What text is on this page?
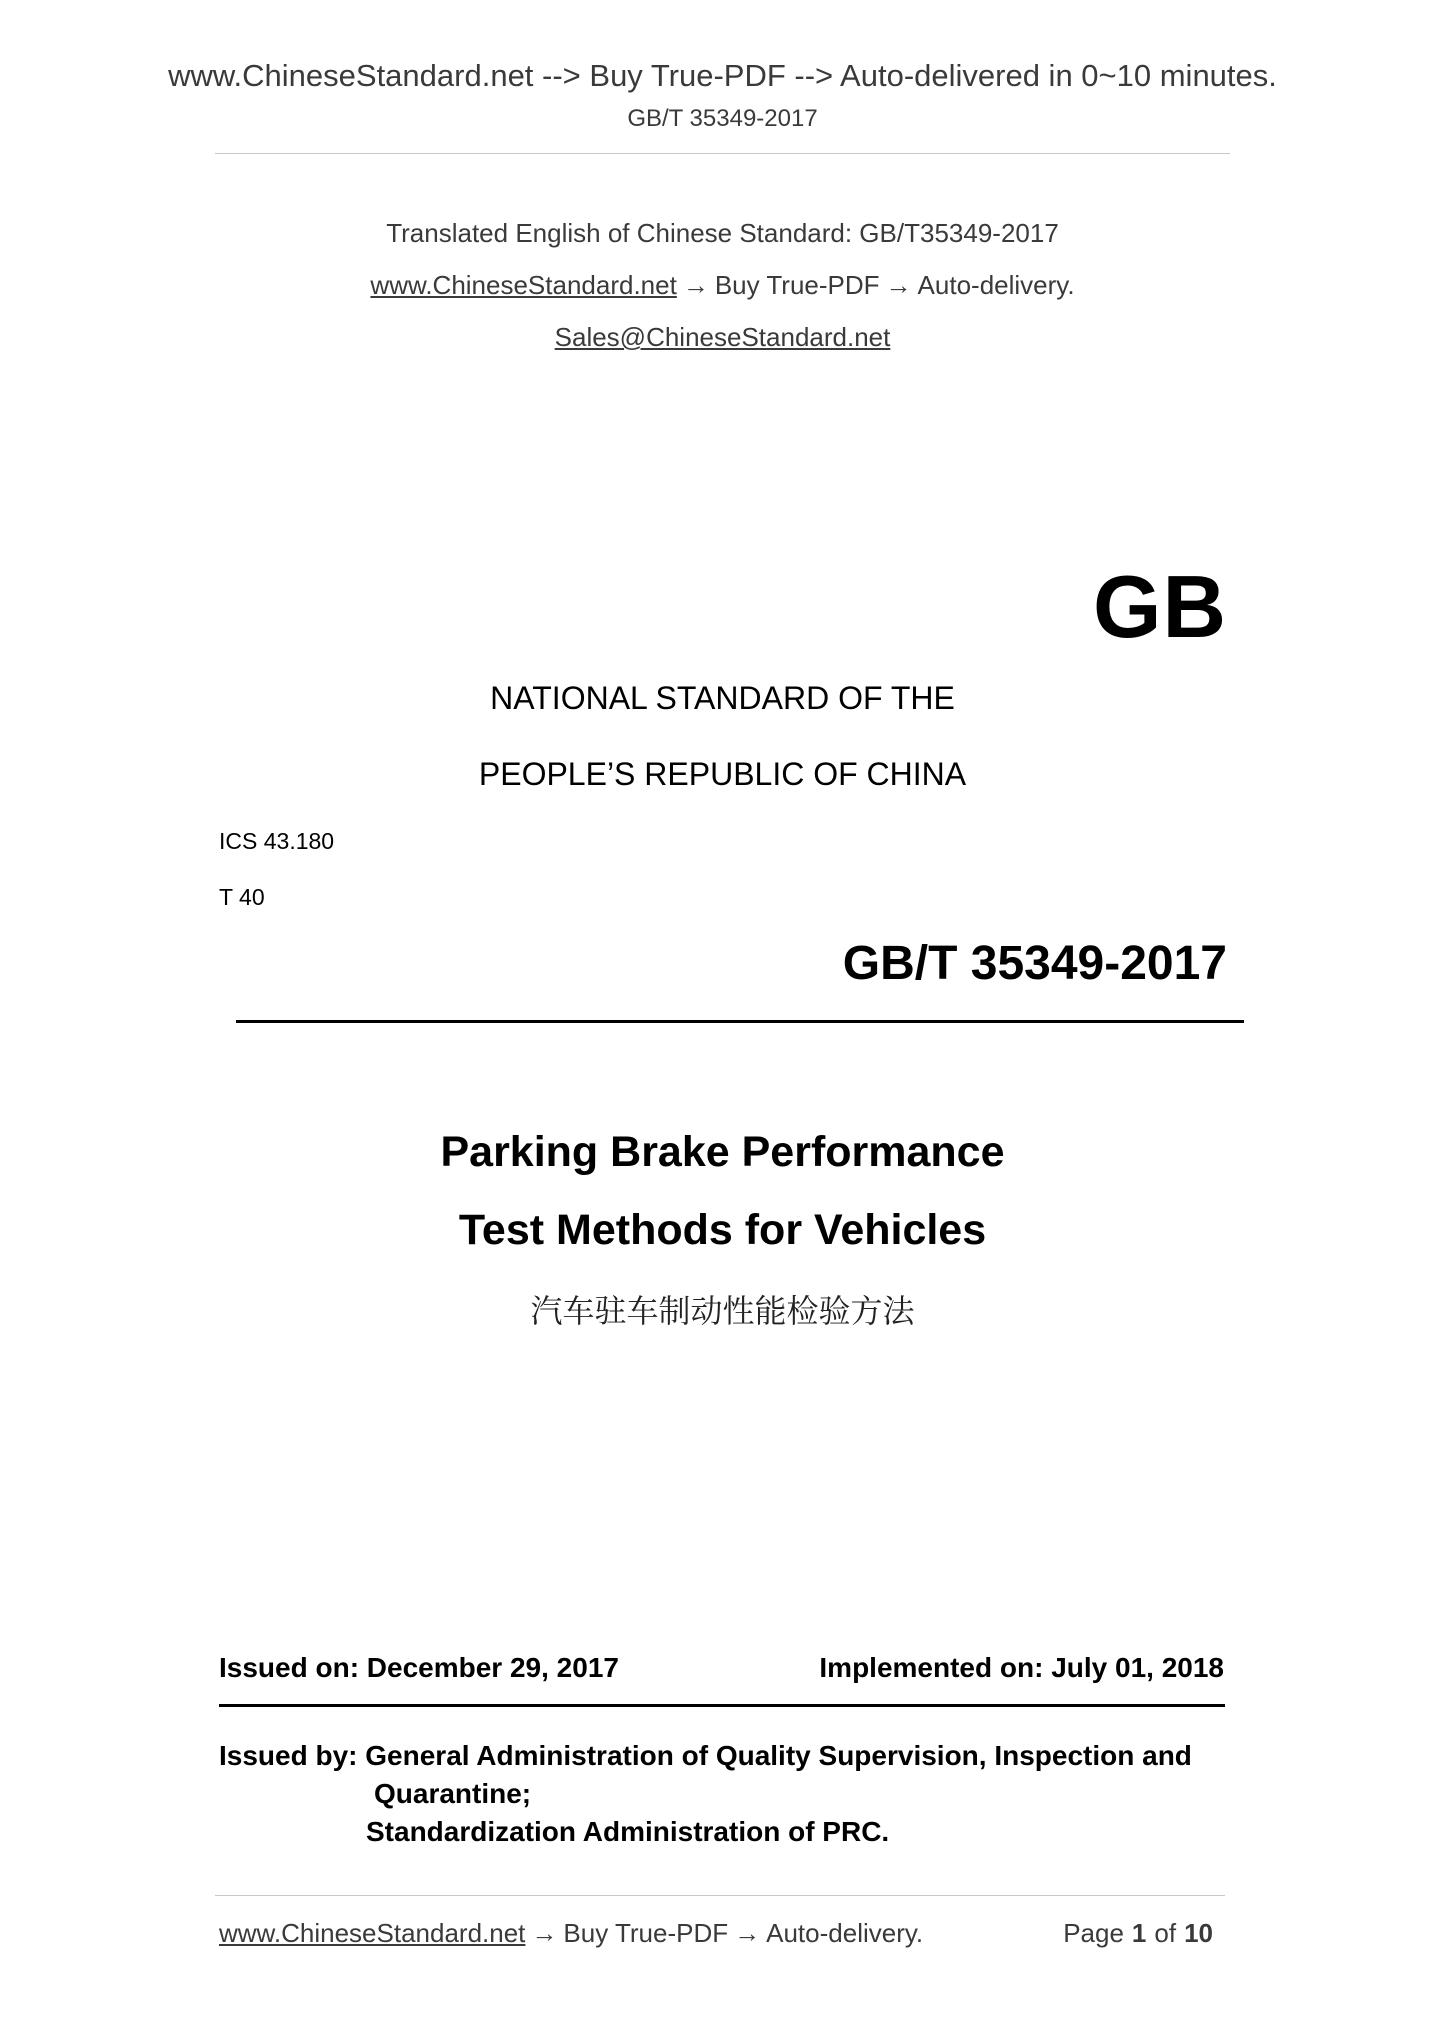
www.ChineseStandard.net --> Buy True-PDF --> Auto-delivered in 0~10 minutes.
GB/T 35349-2017
Translated English of Chinese Standard: GB/T35349-2017
www.ChineseStandard.net → Buy True-PDF → Auto-delivery.
Sales@ChineseStandard.net
GB
NATIONAL STANDARD OF THE
PEOPLE’S REPUBLIC OF CHINA
ICS 43.180
T 40
GB/T 35349-2017
Parking Brake Performance
Test Methods for Vehicles
汽车驻车制动性能检验方法
Issued on: December 29, 2017	Implemented on: July 01, 2018
Issued by: General Administration of Quality Supervision, Inspection and
Quarantine;
Standardization Administration of PRC.
www.ChineseStandard.net → Buy True-PDF → Auto-delivery.	Page 1 of 10
